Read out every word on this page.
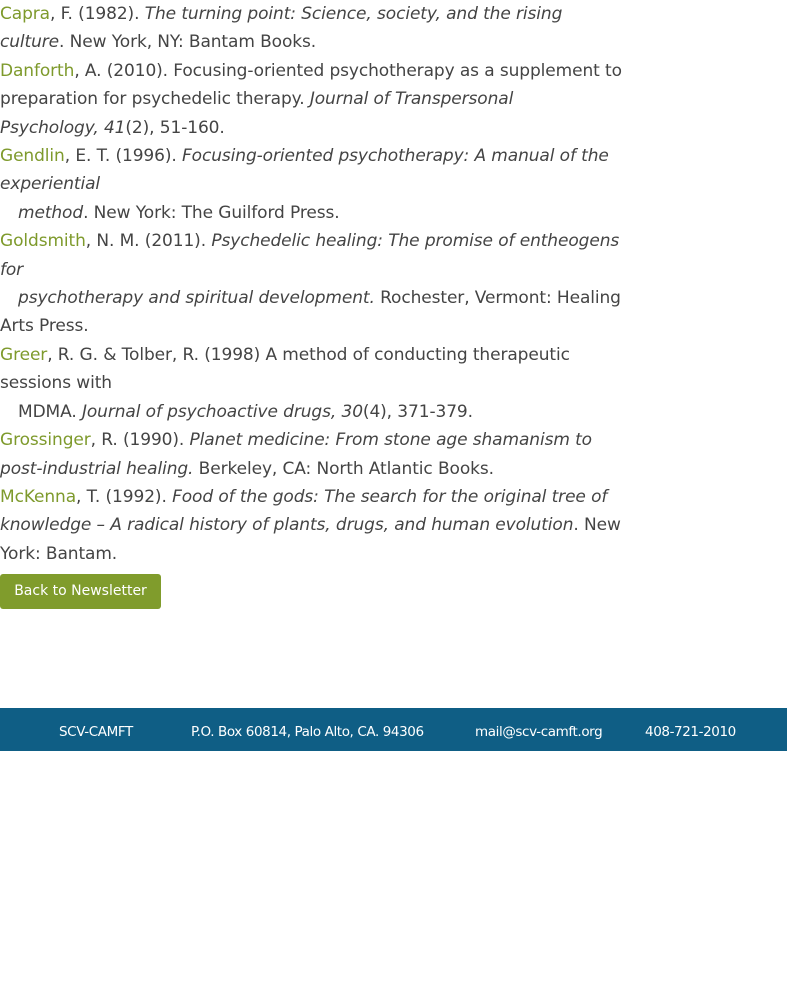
Capra, F. (1982). The turning point: Science, society, and the rising culture. New York, NY: Bantam Books.

Danforth, A. (2010). Focusing-oriented psychotherapy as a supplement to preparation for psychedelic therapy. Journal of Transpersonal
Psychology, 41(2), 51-160.

Gendlin, E. T. (1996). Focusing-oriented psychotherapy: A manual of the experiential
method. New York: The Guilford Press.

Goldsmith, N. M. (2011). Psychedelic healing: The promise of entheogens for
psychotherapy and spiritual development. Rochester, Vermont: Healing Arts Press.

Greer, R. G. & Tolber, R. (1998) A method of conducting therapeutic sessions with
MDMA. Journal of psychoactive drugs, 30(4), 371-379.

Grossinger, R. (1990). Planet medicine: From stone age shamanism to post-industrial healing. Berkeley, CA: North Atlantic Books.

McKenna, T. (1992). Food of the gods: The search for the original tree of knowledge – A radical history of plants, drugs, and human evolution. New York: Bantam.

Back to Newsletter
SCV-CAMFT	P.O. Box 60814, Palo Alto, CA. 94306	mail@scv-camft.org	408-721-2010
